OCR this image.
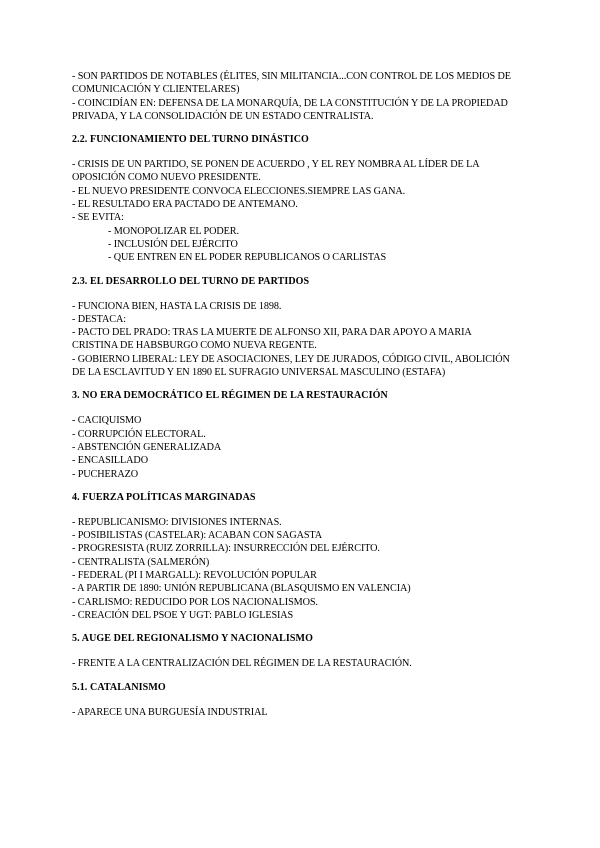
- SON PARTIDOS DE NOTABLES (ÉLITES, SIN MILITANCIA...CON CONTROL DE LOS MEDIOS DE
COMUNICACIÓN Y CLIENTELARES)
- COINCIDÍAN EN: DEFENSA DE LA MONARQUÍA, DE LA CONSTITUCIÓN Y DE LA PROPIEDAD
PRIVADA, Y LA CONSOLIDACIÓN DE UN ESTADO CENTRALISTA.
2.2. FUNCIONAMIENTO DEL TURNO DINÁSTICO
- CRISIS DE UN PARTIDO, SE PONEN DE ACUERDO , Y EL REY NOMBRA AL LÍDER DE LA
OPOSICIÓN COMO NUEVO PRESIDENTE.
- EL NUEVO PRESIDENTE CONVOCA ELECCIONES.SIEMPRE LAS GANA.
- EL RESULTADO ERA PACTADO DE ANTEMANO.
- SE EVITA:
- MONOPOLIZAR EL PODER.
- INCLUSIÓN DEL EJÉRCITO
- QUE ENTREN EN EL PODER REPUBLICANOS O CARLISTAS
2.3. EL DESARROLLO DEL TURNO DE PARTIDOS
- FUNCIONA BIEN, HASTA LA CRISIS DE 1898.
- DESTACA:
- PACTO DEL PRADO: TRAS LA MUERTE DE ALFONSO XII, PARA DAR APOYO A MARIA
CRISTINA DE HABSBURGO COMO NUEVA REGENTE.
- GOBIERNO LIBERAL: LEY DE ASOCIACIONES, LEY DE JURADOS, CÓDIGO CIVIL, ABOLICIÓN
DE LA ESCLAVITUD Y EN 1890 EL SUFRAGIO UNIVERSAL MASCULINO (ESTAFA)
3. NO ERA DEMOCRÁTICO EL RÉGIMEN DE LA RESTAURACIÓN
- CACIQUISMO
- CORRUPCIÓN ELECTORAL.
- ABSTENCIÓN GENERALIZADA
- ENCASILLADO
- PUCHERAZO
4. FUERZA POLÍTICAS MARGINADAS
- REPUBLICANISMO: DIVISIONES INTERNAS.
- POSIBILISTAS (CASTELAR): ACABAN CON SAGASTA
- PROGRESISTA (RUIZ ZORRILLA): INSURRECCIÓN DEL EJÉRCITO.
- CENTRALISTA (SALMERÓN)
- FEDERAL (PI I MARGALL): REVOLUCIÓN POPULAR
- A PARTIR DE 1890: UNIÓN REPUBLICANA (BLASQUISMO EN VALENCIA)
- CARLISMO: REDUCIDO POR LOS NACIONALISMOS.
- CREACIÓN DEL PSOE Y UGT: PABLO IGLESIAS
5. AUGE DEL REGIONALISMO Y NACIONALISMO
- FRENTE A LA CENTRALIZACIÓN DEL RÉGIMEN DE LA RESTAURACIÓN.
5.1. CATALANISMO
- APARECE UNA BURGUESÍA INDUSTRIAL
